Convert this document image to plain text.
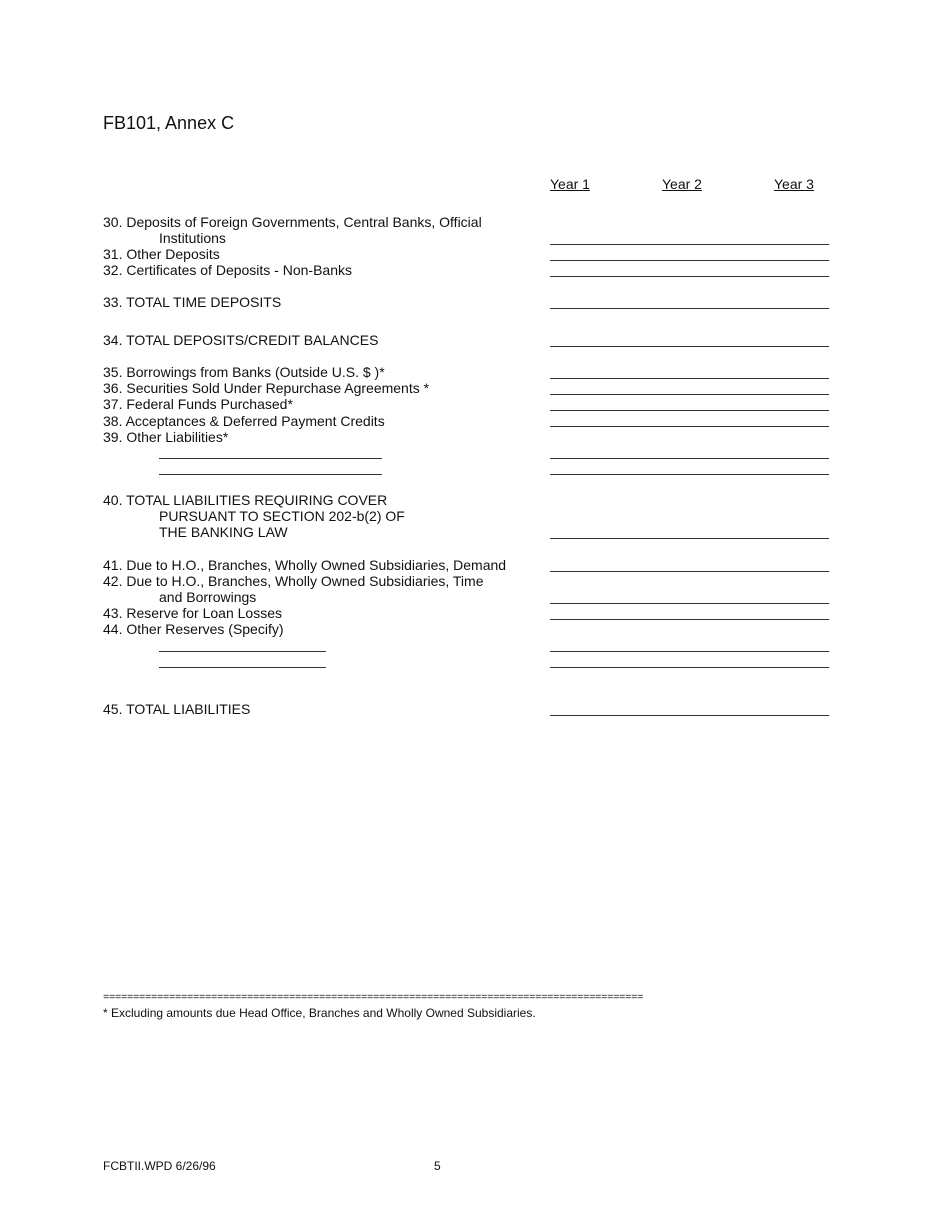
FB101, Annex C
Year 1	Year 2	Year 3
30. Deposits of Foreign Governments, Central Banks, Official
Institutions
31. Other Deposits
32. Certificates of Deposits - Non-Banks
33. TOTAL TIME DEPOSITS
34. TOTAL DEPOSITS/CREDIT BALANCES
35. Borrowings from Banks (Outside U.S. $ )*
36. Securities Sold Under Repurchase Agreements *
37. Federal Funds Purchased*
38. Acceptances & Deferred Payment Credits
39. Other Liabilities*
40. TOTAL LIABILITIES REQUIRING COVER
PURSUANT TO SECTION 202-b(2) OF
THE BANKING LAW
41. Due to H.O., Branches, Wholly Owned Subsidiaries, Demand
42. Due to H.O., Branches, Wholly Owned Subsidiaries, Time
and Borrowings
43. Reserve for Loan Losses
44. Other Reserves (Specify)
45. TOTAL LIABILITIES
==========================================================================================
* Excluding amounts due Head Office, Branches and Wholly Owned Subsidiaries.
FCBTII.WPD 6/26/96	5
